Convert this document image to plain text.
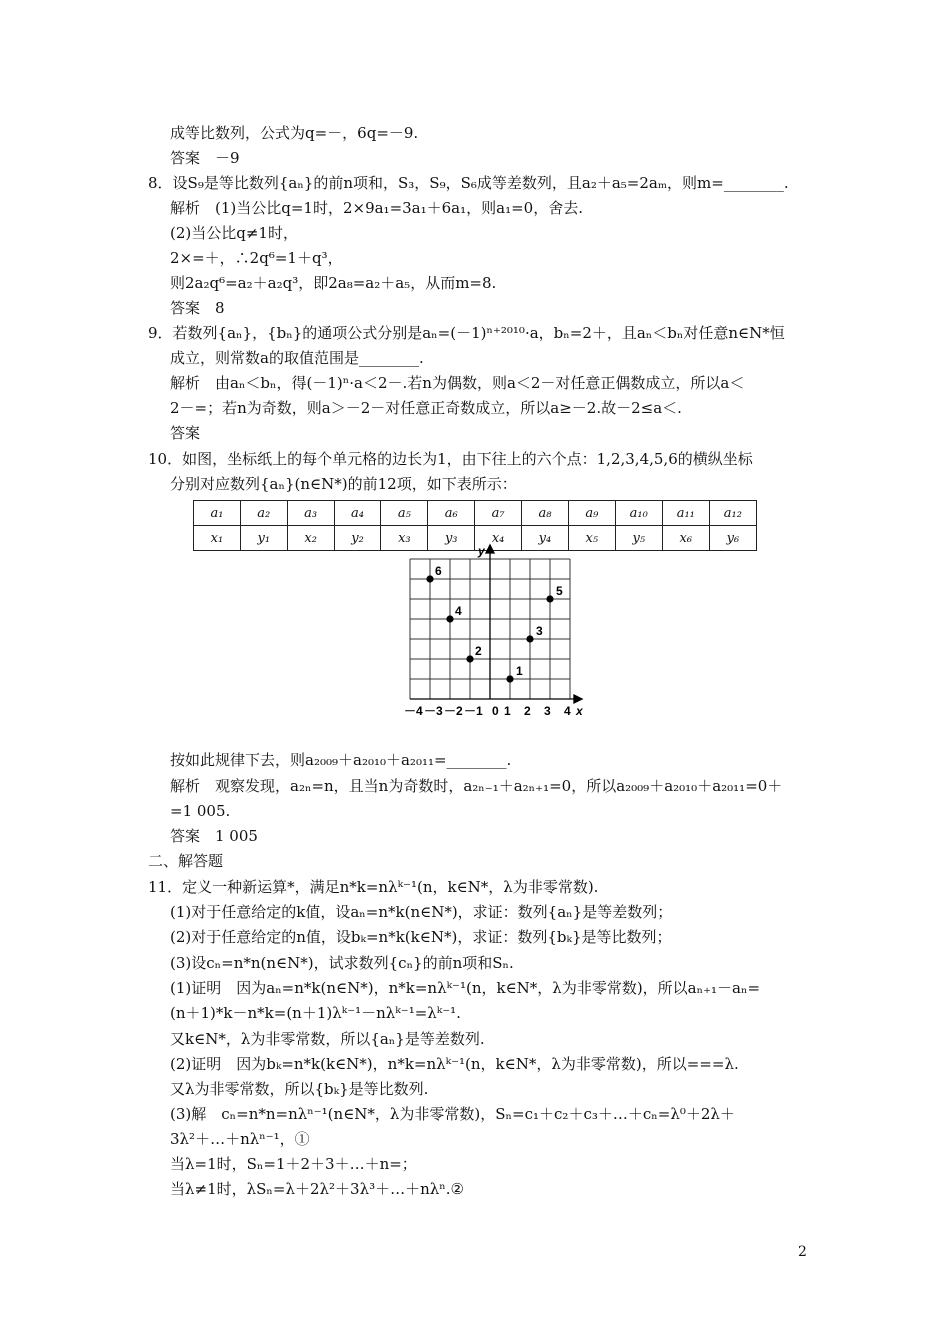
成等比数列，公式为q=－，6q=－9.
答案　－9
8．设S₉是等比数列{aₙ}的前n项和，S₃，S₉，S₆成等差数列，且a₂＋a₅=2aₘ，则m=________.
解析　(1)当公比q=1时，2×9a₁=3a₁＋6a₁，则a₁=0，舍去.
(2)当公比q≠1时，
2×=＋，∴2q⁶=1＋q³，
则2a₂q⁶=a₂＋a₂q³，即2a₈=a₂＋a₅，从而m=8.
答案　8
9．若数列{aₙ}，{bₙ}的通项公式分别是aₙ=(－1)ⁿ⁺²⁰¹⁰·a，bₙ=2＋，且aₙ＜bₙ对任意n∈N*恒
成立，则常数a的取值范围是________.
解析　由aₙ＜bₙ，得(－1)ⁿ·a＜2－.若n为偶数，则a＜2－对任意正偶数成立，所以a＜
2－=；若n为奇数，则a＞－2－对任意正奇数成立，所以a≥－2.故－2≤a＜.
答案
10．如图，坐标纸上的每个单元格的边长为1，由下往上的六个点：1,2,3,4,5,6的横纵坐标
分别对应数列{aₙ}(n∈N*)的前12项，如下表所示：
a₁	a₂	a₃	a₄	a₅	a₆	a₇	a₈	a₉	a₁₀	a₁₁	a₁₂
x₁	y₁	x₂	y₂	x₃	y₃	x₄	y₄	x₅	y₅	x₆	y₆
y
－4 －3 －2 －1 0 1 2 3 4 x
1
2
3
4
5
6
按如此规律下去，则a₂₀₀₉＋a₂₀₁₀＋a₂₀₁₁=________.
解析　观察发现，a₂ₙ=n，且当n为奇数时，a₂ₙ₋₁＋a₂ₙ₊₁=0，所以a₂₀₀₉＋a₂₀₁₀＋a₂₀₁₁=0＋
=1 005.
答案　1 005
二、解答题
11．定义一种新运算*，满足n*k=nλᵏ⁻¹(n，k∈N*，λ为非零常数).
(1)对于任意给定的k值，设aₙ=n*k(n∈N*)，求证：数列{aₙ}是等差数列；
(2)对于任意给定的n值，设bₖ=n*k(k∈N*)，求证：数列{bₖ}是等比数列；
(3)设cₙ=n*n(n∈N*)，试求数列{cₙ}的前n项和Sₙ.
(1)证明　因为aₙ=n*k(n∈N*)，n*k=nλᵏ⁻¹(n，k∈N*，λ为非零常数)，所以aₙ₊₁－aₙ=
(n＋1)*k－n*k=(n＋1)λᵏ⁻¹－nλᵏ⁻¹=λᵏ⁻¹.
又k∈N*，λ为非零常数，所以{aₙ}是等差数列.
(2)证明　因为bₖ=n*k(k∈N*)，n*k=nλᵏ⁻¹(n，k∈N*，λ为非零常数)，所以===λ.
又λ为非零常数，所以{bₖ}是等比数列.
(3)解　cₙ=n*n=nλⁿ⁻¹(n∈N*，λ为非零常数)，Sₙ=c₁＋c₂＋c₃＋…＋cₙ=λ⁰＋2λ＋
3λ²＋…＋nλⁿ⁻¹，①
当λ=1时，Sₙ=1＋2＋3＋…＋n=；
当λ≠1时，λSₙ=λ＋2λ²＋3λ³＋…＋nλⁿ.②
2
